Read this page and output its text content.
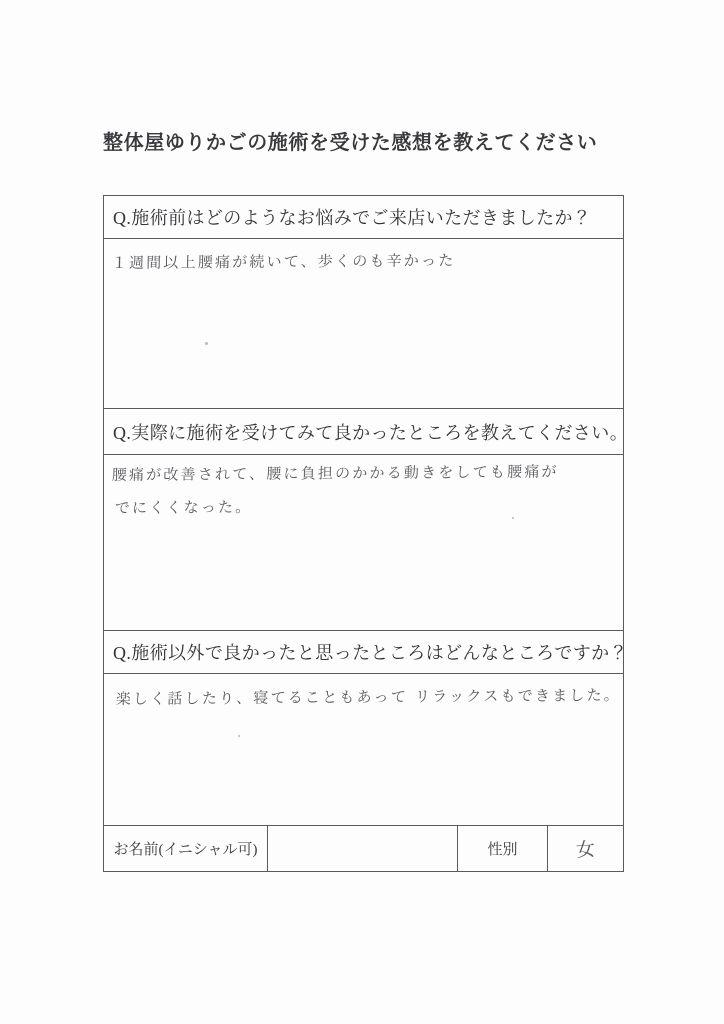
整体屋ゆりかごの施術を受けた感想を教えてください
Q.施術前はどのようなお悩みでご来店いただきましたか？
１週間以上腰痛が続いて、歩くのも辛かった
Q.実際に施術を受けてみて良かったところを教えてください。
腰痛が改善されて、腰に負担のかかる動きをしても腰痛が
でにくくなった。
Q.施術以外で良かったと思ったところはどんなところですか？
楽しく話したり、寝てることもあって リラックスもできました。
お名前(イニシャル可)	性別	女
